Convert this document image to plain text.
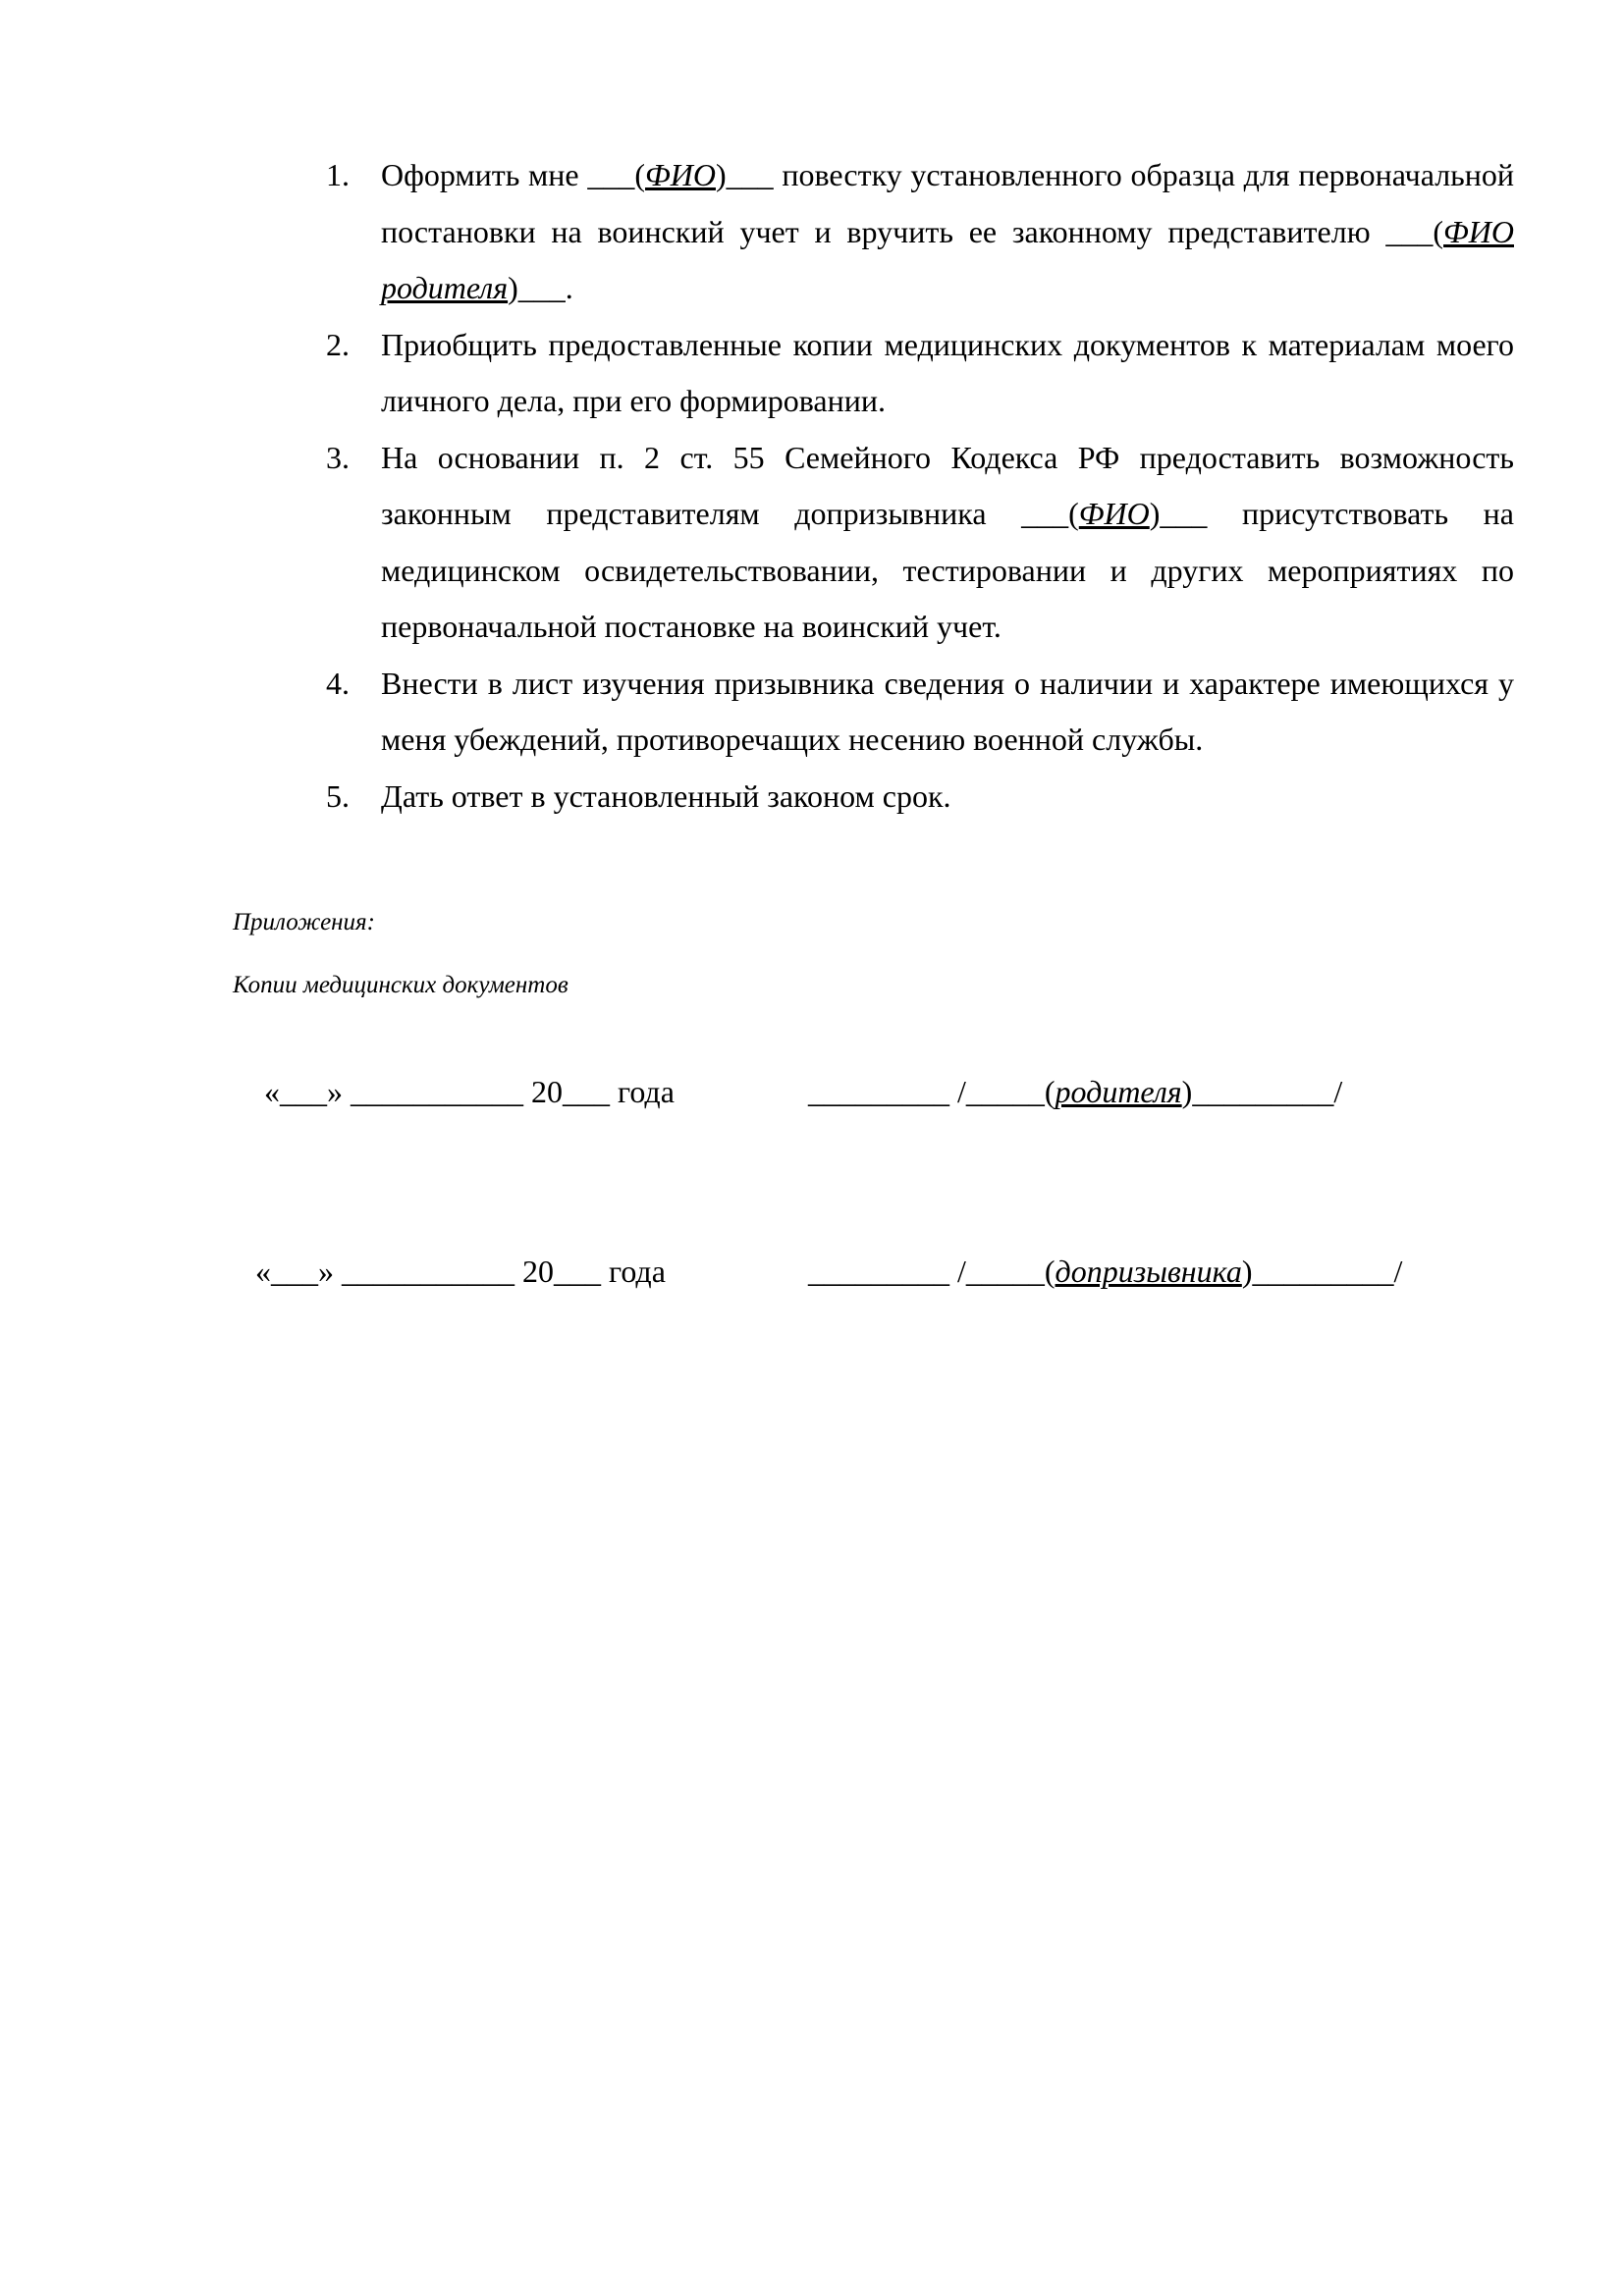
1. Оформить мне ___(ФИО)___ повестку установленного образца для первоначальной постановки на воинский учет и вручить ее законному представителю ___(ФИО родителя)___.
2. Приобщить предоставленные копии медицинских документов к материалам моего личного дела, при его формировании.
3. На основании п. 2 ст. 55 Семейного Кодекса РФ предоставить возможность законным представителям допризывника ___(ФИО)___ присутствовать на медицинском освидетельствовании, тестировании и других мероприятиях по первоначальной постановке на воинский учет.
4. Внести в лист изучения призывника сведения о наличии и характере имеющихся у меня убеждений, противоречащих несению военной службы.
5. Дать ответ в установленный законом срок.
Приложения:
Копии медицинских документов
«___» ___________ 20___ года	_________ /_____(родителя)_________/
«___» ___________ 20___ года	_________ /_____(допризывника)_________/
